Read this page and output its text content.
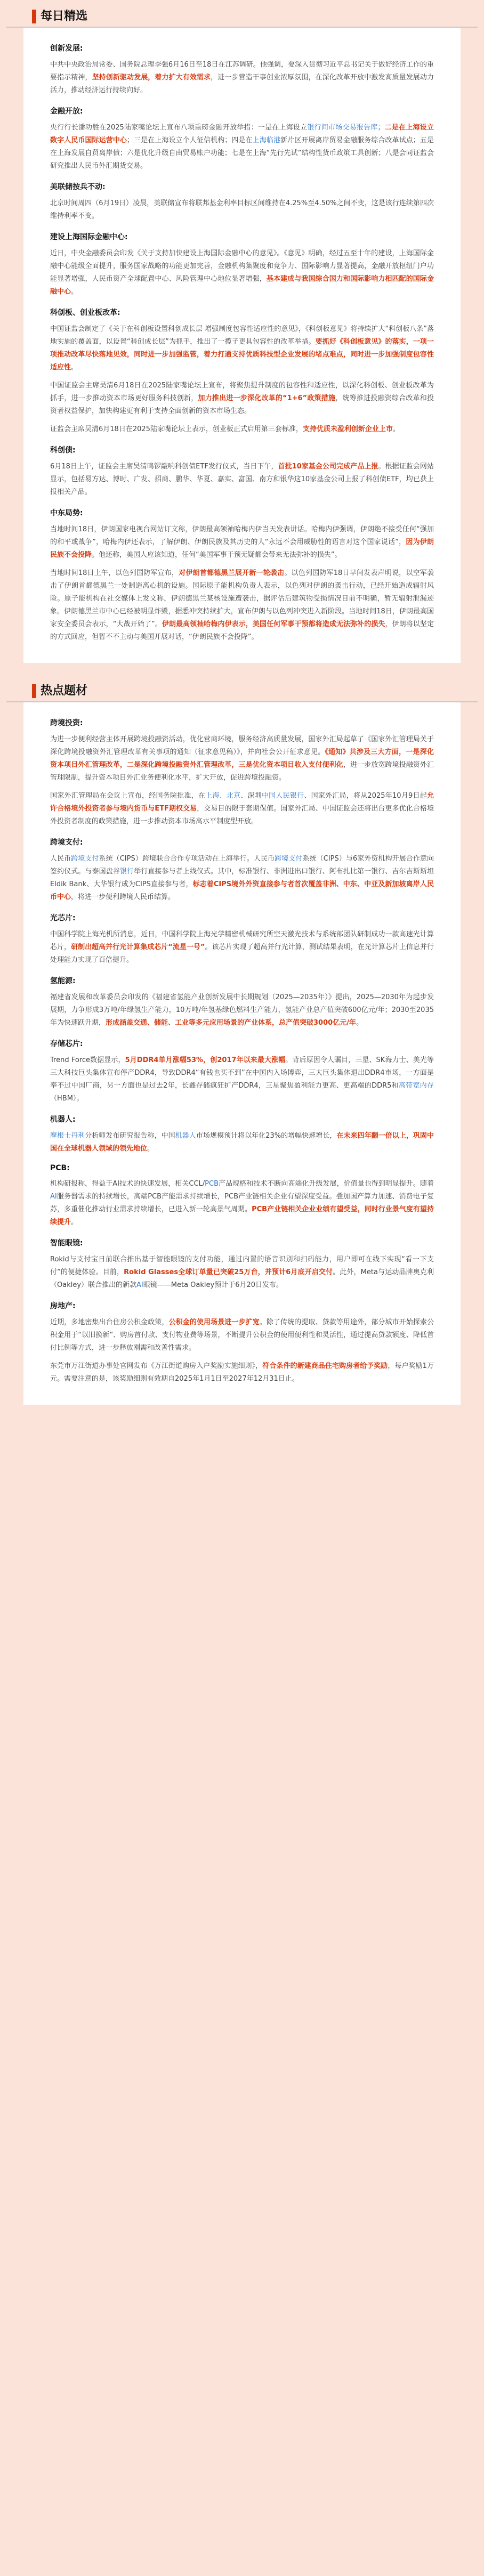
每日精选
创新发展:

中共中央政治局常委、国务院总理李强6月16日至18日在江苏调研。他强调，要深入贯彻习近平总书记关于做好经济工作的重要指示精神，坚持创新驱动发展，着力扩大有效需求，进一步营造干事创业浓厚氛围，在深化改革开放中激发高质量发展动力活力，推动经济运行持续向好。

金融开放:

央行行长潘功胜在2025陆家嘴论坛上宣布八项重磅金融开放举措：一是在上海设立银行间市场交易报告库；二是在上海设立数字人民币国际运营中心；三是在上海设立个人征信机构；四是在上海临港新片区开展离岸贸易金融服务综合改革试点；五是在上海发展自贸离岸债；六是优化升级自由贸易账户功能；七是在上海“先行先试”结构性货币政策工具创新；八是会同证监会研究推出人民币外汇期货交易。

美联储按兵不动:

北京时间周四（6月19日）凌晨，美联储宣布将联邦基金利率目标区间维持在4.25%至4.50%之间不变，这是该行连续第四次维持利率不变。

建设上海国际金融中心:

近日，中央金融委员会印发《关于支持加快建设上海国际金融中心的意见》。《意见》明确，经过五至十年的建设，上海国际金融中心能级全面提升，服务国家战略的功能更加完善，金融机构集聚度和竞争力、国际影响力显著提高，金融开放枢纽门户功能显著增强，人民币资产全球配置中心、风险管理中心地位显著增强，基本建成与我国综合国力和国际影响力相匹配的国际金融中心。

科创板、创业板改革:

中国证监会制定了《关于在科创板设置科创成长层 增强制度包容性适应性的意见》，《科创板意见》将持续扩大“科创板八条”落地实施的覆盖面，以设置“科创成长层”为抓手，推出了一揽子更具包容性的改革举措。要抓好《科创板意见》的落实，一项一项推动改革尽快落地见效，同时进一步加强监管，着力打通支持优质科技型企业发展的堵点难点，同时进一步加强制度包容性适应性。

中国证监会主席吴清6月18日在2025陆家嘴论坛上宣布，将聚焦提升制度的包容性和适应性，以深化科创板、创业板改革为抓手，进一步推动资本市场更好服务科技创新，加力推出进一步深化改革的“1+6”政策措施，统筹推进投融资综合改革和投资者权益保护，加快构建更有利于支持全面创新的资本市场生态。

证监会主席吴清6月18日在2025陆家嘴论坛上表示，创业板正式启用第三套标准，支持优质未盈利创新企业上市。

科创债:

6月18日上午，证监会主席吴清鸣锣敲响科创债ETF发行仪式，当日下午，首批10家基金公司完成产品上报。根据证监会网站显示，包括易方达、博时、广发、招商、鹏华、华夏、嘉实、富国、南方和银华这10家基金公司上报了科创债ETF，均已获上报相关产品。

中东局势:

当地时间18日，伊朗国家电视台网站订文称，伊朗最高领袖哈梅内伊当天发表讲话。哈梅内伊强调，伊朗绝不接受任何“强加的和平或战争”，哈梅内伊还表示，了解伊朗、伊朗民族及其历史的人“永远不会用威胁性的语言对这个国家说话”，因为伊朗民族不会投降。他还称，美国人应该知道，任何“美国军事干预无疑都会带来无法弥补的损失”。

当地时间18日上午，以色列国防军宣布，对伊朗首都德黑兰展开新一轮袭击。以色列国防军18日早间发表声明说，以空军袭击了伊朗首都德黑兰一处制造离心机的设施。国际原子能机构负责人表示，以色列对伊朗的袭击行动，已经开始造成辐射风险。原子能机构在社交媒体上发文称，伊朗德黑兰某核设施遭袭击，据评估后建筑物受损情况目前不明确，暂无辐射泄漏迹象。伊朗德黑兰市中心已经被明显炸毁，据悉冲突持续扩大，宣布伊朗与以色列冲突进入新阶段。当地时间18日，伊朗最高国家安全委员会表示，“大战开始了”。伊朗最高领袖哈梅内伊表示，美国任何军事干预都将造成无法弥补的损失，伊朗将以坚定的方式回应，但暂不不主动与美国开展对话，“伊朗民族不会投降”。

热点题材
跨境投资:

为进一步便利经营主体开展跨境投融资活动，优化营商环境，服务经济高质量发展，国家外汇局起草了《国家外汇管理局关于深化跨境投融资外汇管理改革有关事项的通知（征求意见稿）》，并向社会公开征求意见。《通知》共涉及三大方面，一是深化资本项目外汇管理改革，二是深化跨境投融资外汇管理改革，三是优化资本项目收入支付便利化，进一步放宽跨境投融资外汇管理限制，提升资本项目外汇业务便利化水平，扩大开放，促进跨境投融资。

国家外汇管理局在会议上宣布，经国务院批准，在上海、北京、深圳中国人民银行、国家外汇局，将从2025年10月9日起允许合格境外投资者参与境内货币与ETF期权交易，交易目的限于套期保值。国家外汇局、中国证监会还将出台更多优化合格境外投资者制度的政策措施，进一步推动资本市场高水平制度型开放。

跨境支付:

人民币跨境支付系统（CIPS）跨境联合合作专项活动在上海举行。人民币跨境支付系统（CIPS）与6家外资机构开展合作意向签约仪式。与泰国盘谷银行举行直接参与者上线仪式。其中，标准银行、非洲进出口银行、阿布扎比第一银行、吉尔吉斯斯坦Eldik Bank、大华银行成为CIPS直接参与者，标志着CIPS境外外资直接参与者首次覆盖非洲、中东、中亚及新加坡离岸人民币中心，将进一步便利跨境人民币结算。

光芯片:

中国科学院上海光机所消息，近日，中国科学院上海光学精密机械研究所空天激光技术与系统部团队研制成功一款高速光计算芯片，研制出超高并行光计算集成芯片“流星一号”。该芯片实现了超高并行光计算，测试结果表明，在光计算芯片上信息并行处理能力实现了百倍提升。

氢能源:

福建省发展和改革委员会印发的《福建省氢能产业创新发展中长期规划（2025—2035年）》提出，2025—2030年为起步发展期，力争形成3万吨/年绿氢生产能力，10万吨/年氢基绿色燃料生产能力，氢能产业总产值突破600亿元/年；2030至2035年为快速跃升期，形成涵盖交通、储能、工业等多元应用场景的产业体系，总产值突破3000亿元/年。

存储芯片:

Trend Force数据显示，5月DDR4单月涨幅53%，创2017年以来最大涨幅。背后原因令人瞩目，三星、SK海力士、美光等三大科技巨头集体宣布停产DDR4，导致DDR4“有钱也买不到”在中国内入场博弈，三大巨头集体退出DDR4市场，一方面是奉不过中国厂商，另一方面也是过去2年，长鑫存储疯狂扩产DDR4，三星聚焦盈利能力更高、更高端的DDR5和高带宽内存（HBM）。

机器人:

摩根士丹利分析师发布研究报告称，中国机器人市场规模预计将以年化23%的增幅快速增长，在未来四年翻一倍以上，巩固中国在全球机器人领域的领先地位。

PCB:

机构研报称，得益于AI技术的快速发展，相关CCL/PCB产品规格和技术不断向高端化升级发展，价值量也得到明显提升。随着AI服务器需求的持续增长，高端PCB产能需求持续增长，PCB产业链相关企业有望深度受益。叠加国产算力加速、消费电子复苏，多重催化推动行业需求持续增长，已进入新一轮高景气周期。PCB产业链相关企业业绩有望受益，同时行业景气度有望持续提升。

智能眼镜:

Rokid与支付宝日前联合推出基于智能眼镜的支付功能，通过内置的语音识别和扫码能力，用户即可在线下实现“看一下支付”的便捷体验。目前，Rokid Glasses全球订单量已突破25万台，并预计6月底开启交付。此外，Meta与运动品牌奥克利（Oakley）联合推出的新款AI眼镜——Meta Oakley预计于6月20日发布。

房地产:

近期，多地密集出台住房公积金政策，公积金的使用场景进一步扩宽。除了传统的提取、贷款等用途外，部分城市开始探索公积金用于“以旧换新”、购房首付款、支付物业费等场景，不断提升公积金的使用便利性和灵活性，通过提高贷款额度、降低首付比例等方式，进一步释放刚需和改善性需求。

东莞市万江街道办事处官网发布《万江街道购房入户奖励实施细则》，符合条件的新建商品住宅购房者给予奖励，每户奖励1万元。需要注意的是，该奖励细则有效期自2025年1月1日至2027年12月31日止。
